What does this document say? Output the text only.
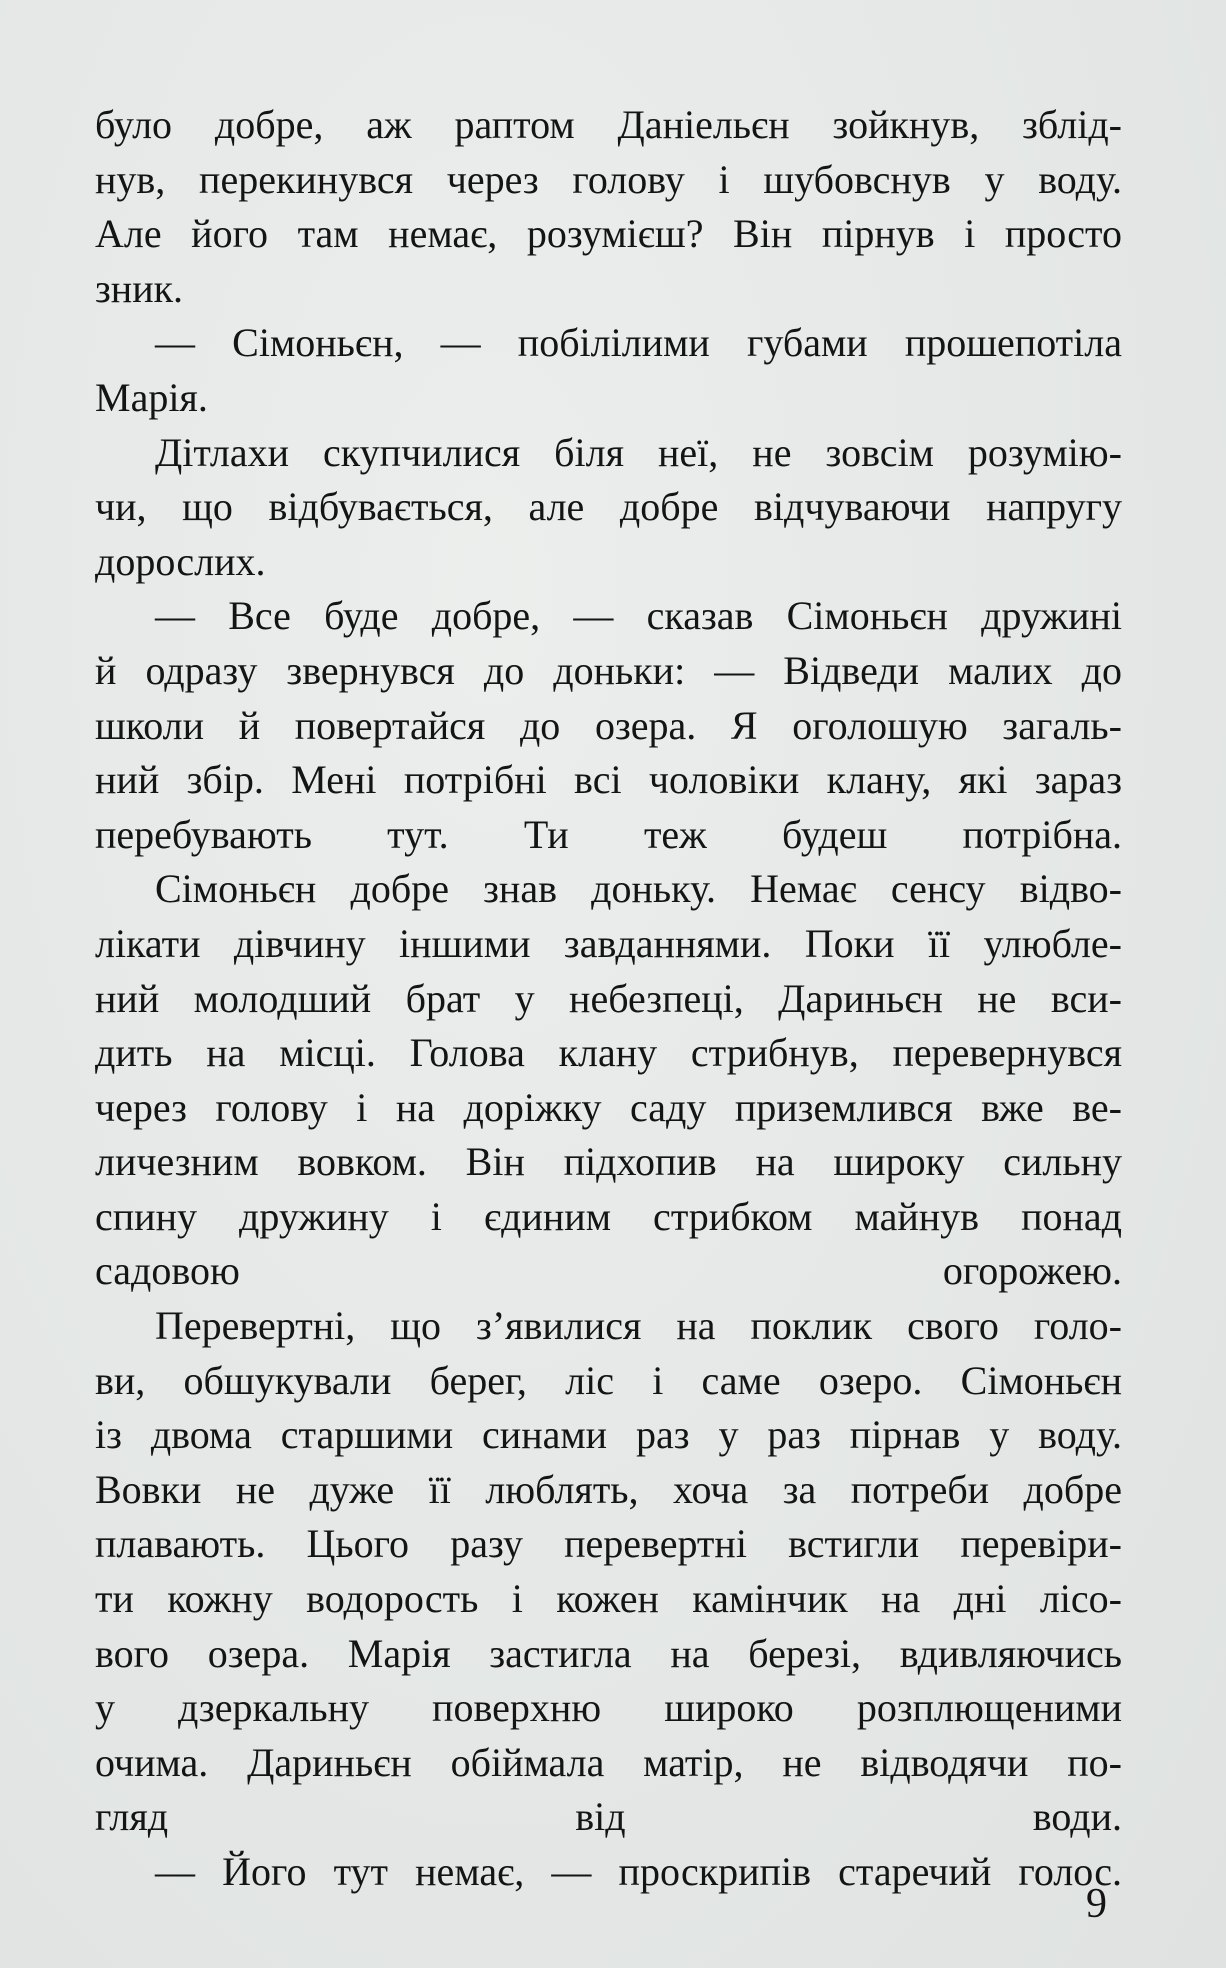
було добре, аж раптом Даніельєн зойкнув, зблід-
нув, перекинувся через голову і шубовснув у воду.
Але його там немає, розумієш? Він пірнув і просто
зник.
— Сімоньєн, — побілілими губами прошепотіла
Марія.
Дітлахи скупчилися біля неї, не зовсім розумію-
чи, що відбувається, але добре відчуваючи напругу
дорослих.
— Все буде добре, — сказав Сімоньєн дружині
й одразу звернувся до доньки: — Відведи малих до
школи й повертайся до озера. Я оголошую загаль-
ний збір. Мені потрібні всі чоловіки клану, які зараз
перебувають тут. Ти теж будеш потрібна.
Сімоньєн добре знав доньку. Немає сенсу відво-
лікати дівчину іншими завданнями. Поки її улюбле-
ний молодший брат у небезпеці, Дариньєн не вси-
дить на місці. Голова клану стрибнув, перевернувся
через голову і на доріжку саду приземлився вже ве-
личезним вовком. Він підхопив на широку сильну
спину дружину і єдиним стрибком майнув понад
садовою огорожею.
Перевертні, що з’явилися на поклик свого голо-
ви, обшукували берег, ліс і саме озеро. Сімоньєн
із двома старшими синами раз у раз пірнав у воду.
Вовки не дуже її люблять, хоча за потреби добре
плавають. Цього разу перевертні встигли перевіри-
ти кожну водорость і кожен камінчик на дні лісо-
вого озера. Марія застигла на березі, вдивляючись
у дзеркальну поверхню широко розплющеними
очима. Дариньєн обіймала матір, не відводячи по-
гляд від води.
— Його тут немає, — проскрипів старечий голос.
9
